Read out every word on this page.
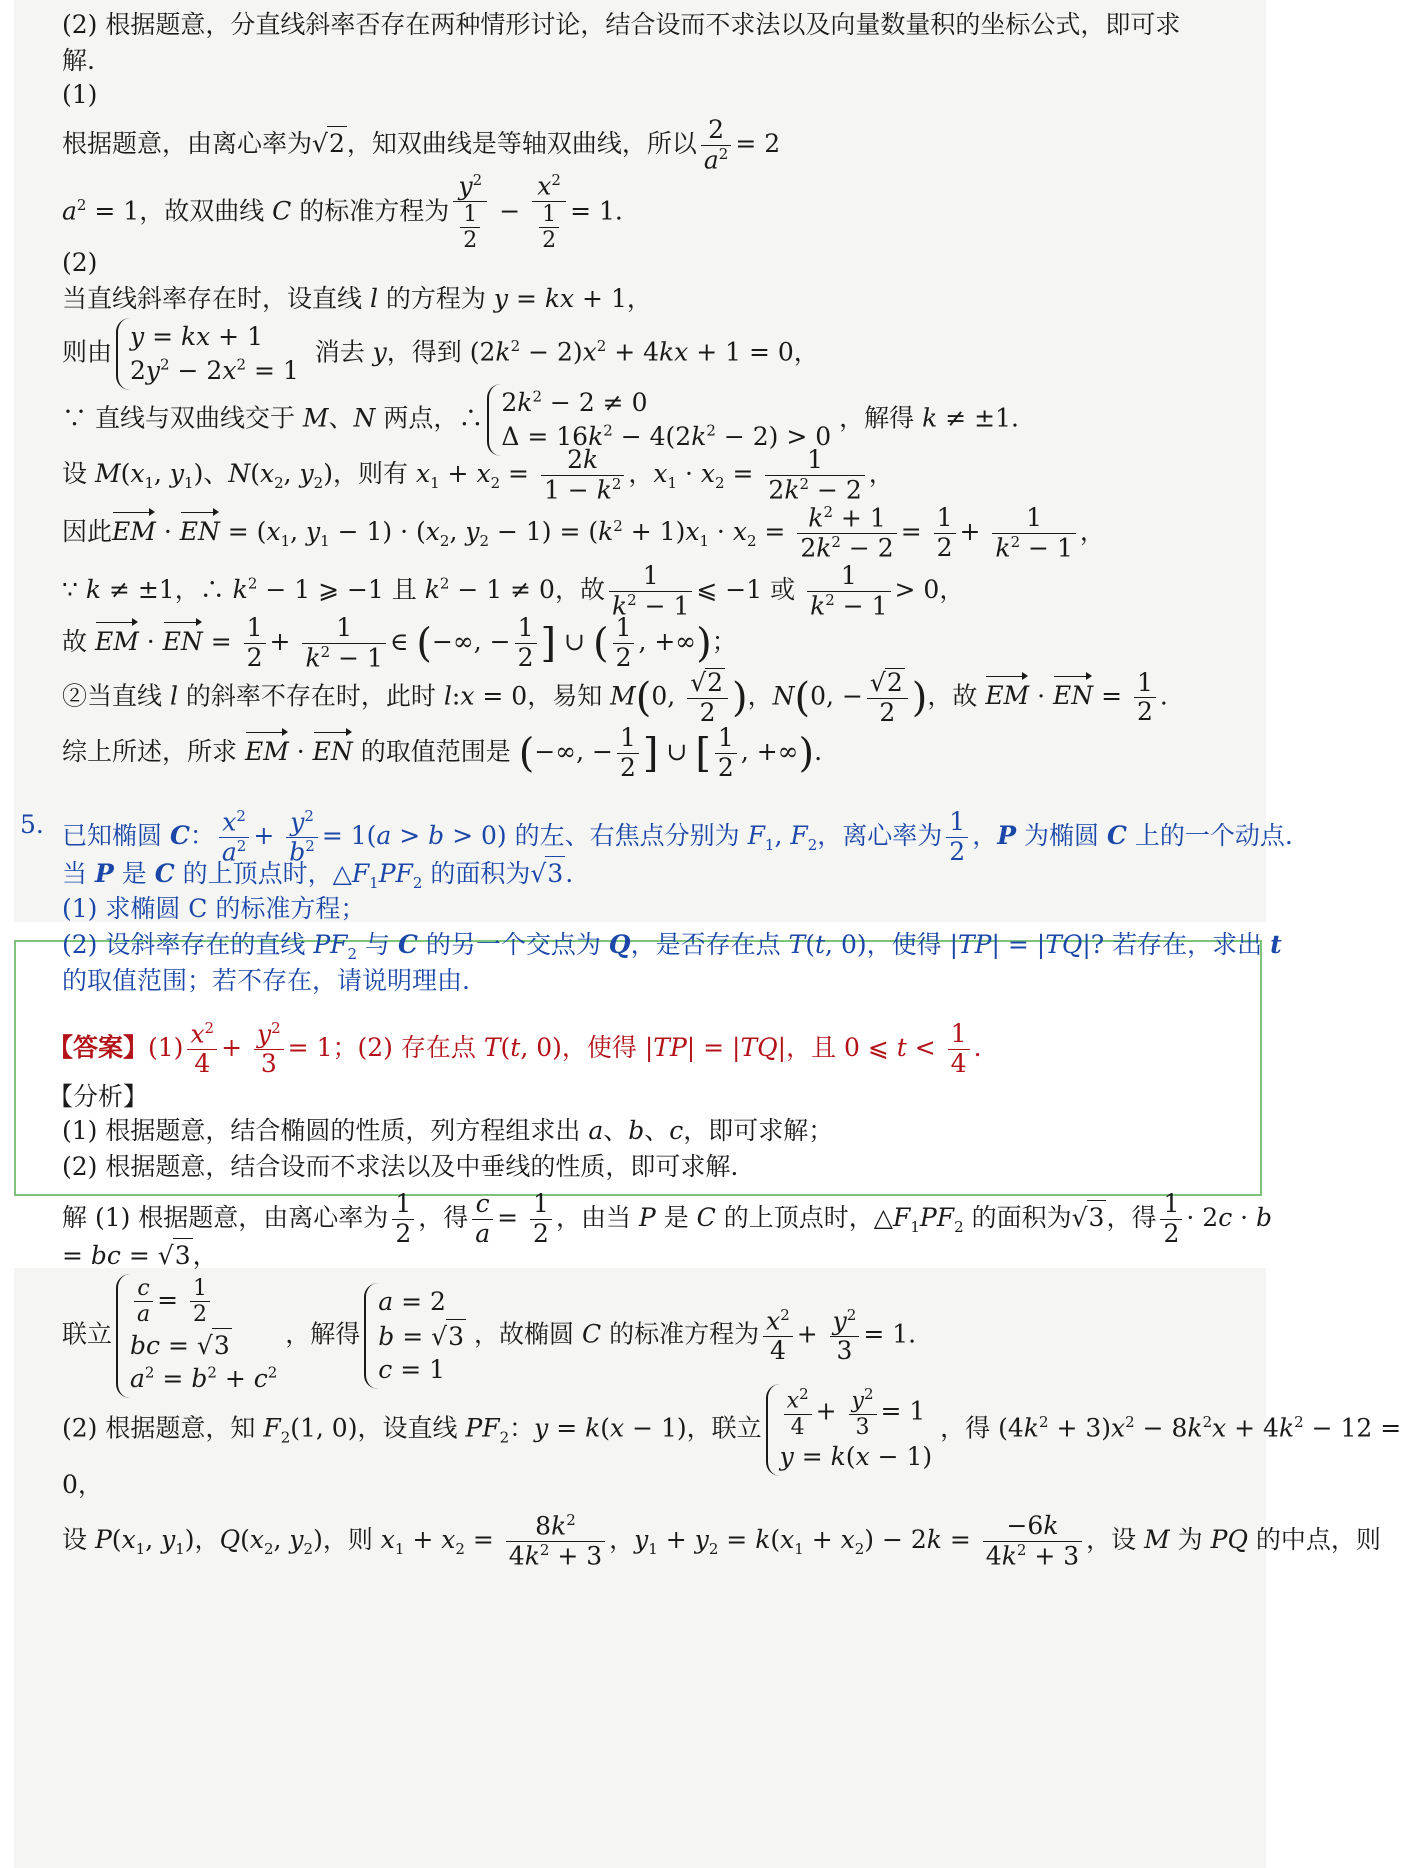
(2) 根据题意，分直线斜率否存在两种情形讨论，结合设而不求法以及向量数量积的坐标公式，即可求
解.
(1)
根据题意，由离心率为√2，知双曲线是等轴双曲线，所以 $\frac{2}{a^2} = 2$
$a^2 = 1$，故双曲线 C 的标准方程为 $\frac{y^2}{\frac{1}{2}} - \frac{x^2}{\frac{1}{2}} = 1$.
(2)
当直线斜率存在时，设直线 l 的方程为 y = kx + 1，
则由
y = kx + 1
$2y^2 - 2x^2 = 1$
消去 y，得到 $(2k^2 - 2)x^2 + 4kx + 1 = 0$，
∵ 直线与双曲线交于 M、N 两点，∴
$2k^2 - 2 \ne 0$
$\Delta = 16k^2 - 4(2k^2 - 2) > 0$
，解得 k ≠ ±1.
设 $M(x_1$, $y_1$)、$N(x_2$, $y_2$)，则有 $x_1 + x_2 = \frac{2k}{1 - k^2}$ ，$x_1 \cdot x_2 = \frac{1}{2k^2 - 2}$ ，
因此EM · EN = ($x_1$, $y_1 - 1) \cdot (x_2$, $y_2 - 1) = (k^2 + 1)x_1 \cdot x_2 = \frac{k^2 + 1}{2k^2 - 2} = \frac{1}{2} + \frac{1}{k^2 - 1}$ ，
∵ k ≠ ±1，∴ $k^2 - 1$ ⩾ −1 且 $k^2 - 1 \ne 0$，故 $\frac{1}{k^2 - 1}$ ⩽ −1 或 $\frac{1}{k^2 - 1} > 0$，
故 EM · EN = $\frac{1}{2} + \frac{1}{k^2 - 1}$ ∈ (−∞, − $\frac{1}{2}$ ] ∪ ( $\frac{1}{2}$ , +∞)；
②当直线 l 的斜率不存在时，此时 l:x = 0，易知 M(0, $\frac{√2}{2}$ )，N(0, − $\frac{√2}{2}$ )，故 EM · EN = $\frac{1}{2}$ .
综上所述，所求 EM · EN 的取值范围是 (−∞, − $\frac{1}{2}$ ] ∪ [ $\frac{1}{2}$ , +∞).
5. 已知椭圆 C： $\frac{x^2}{a^2} + \frac{y^2}{b^2} = 1(a > b > 0)$ 的左、右焦点分别为 $F_1$, $F_2$，离心率为 $\frac{1}{2}$ ，P 为椭圆 C 上的一个动点.
当 P 是 C 的上顶点时，$\triangle F_1PF_2$ 的面积为√3.
(1) 求椭圆 C 的标准方程；
(2) 设斜率存在的直线 $PF_2$ 与 C 的另一个交点为 Q，是否存在点 T(t, 0)，使得 |TP| = |TQ|? 若存在，求出 t
的取值范围；若不存在，请说明理由.
【答案】$(1) \frac{x^2}{4} + \frac{y^2}{3} = 1$；(2) 存在点 T(t, 0)，使得 |TP| = |TQ|，且 0 ⩽ $t < \frac{1}{4}$ .
【分析】
(1) 根据题意，结合椭圆的性质，列方程组求出 a、b、c，即可求解；
(2) 根据题意，结合设而不求法以及中垂线的性质，即可求解.
解 (1) 根据题意，由离心率为 $\frac{1}{2}$ ，得 $\frac{c}{a} = \frac{1}{2}$ ，由当 P 是 C 的上顶点时，$\triangle F_1PF_2$ 的面积为√3，得 $\frac{1}{2} \cdot 2c \cdot b$
= bc = √3，
联立
$\frac{c}{a} = \frac{1}{2}$
bc = √3
$a^2 = b^2 + c^2$
，解得
a = 2
b = √3
c = 1
，故椭圆 C 的标准方程为 $\frac{x^2}{4} + \frac{y^2}{3} = 1$.
(2) 根据题意，知 $F_2(1$, 0)，设直线 $PF_2$：y = k(x − 1)，联立 $\frac{x^2}{4} + \frac{y^2}{3} = 1$
y = k(x − 1)
，得 $(4k^2 + 3)x^2 - 8k^2x + 4k^2 - 12$ =
0，
设 $P(x_1$, $y_1$)，$Q(x_2$, $y_2$)，则 $x_1 + x_2 = \frac{8k^2}{4k^2 + 3}$ ，$y_1 + y_2 = k(x_1 + x_2) - 2k = \frac{-6k}{4k^2 + 3}$ ，设 M 为 PQ 的中点，则
